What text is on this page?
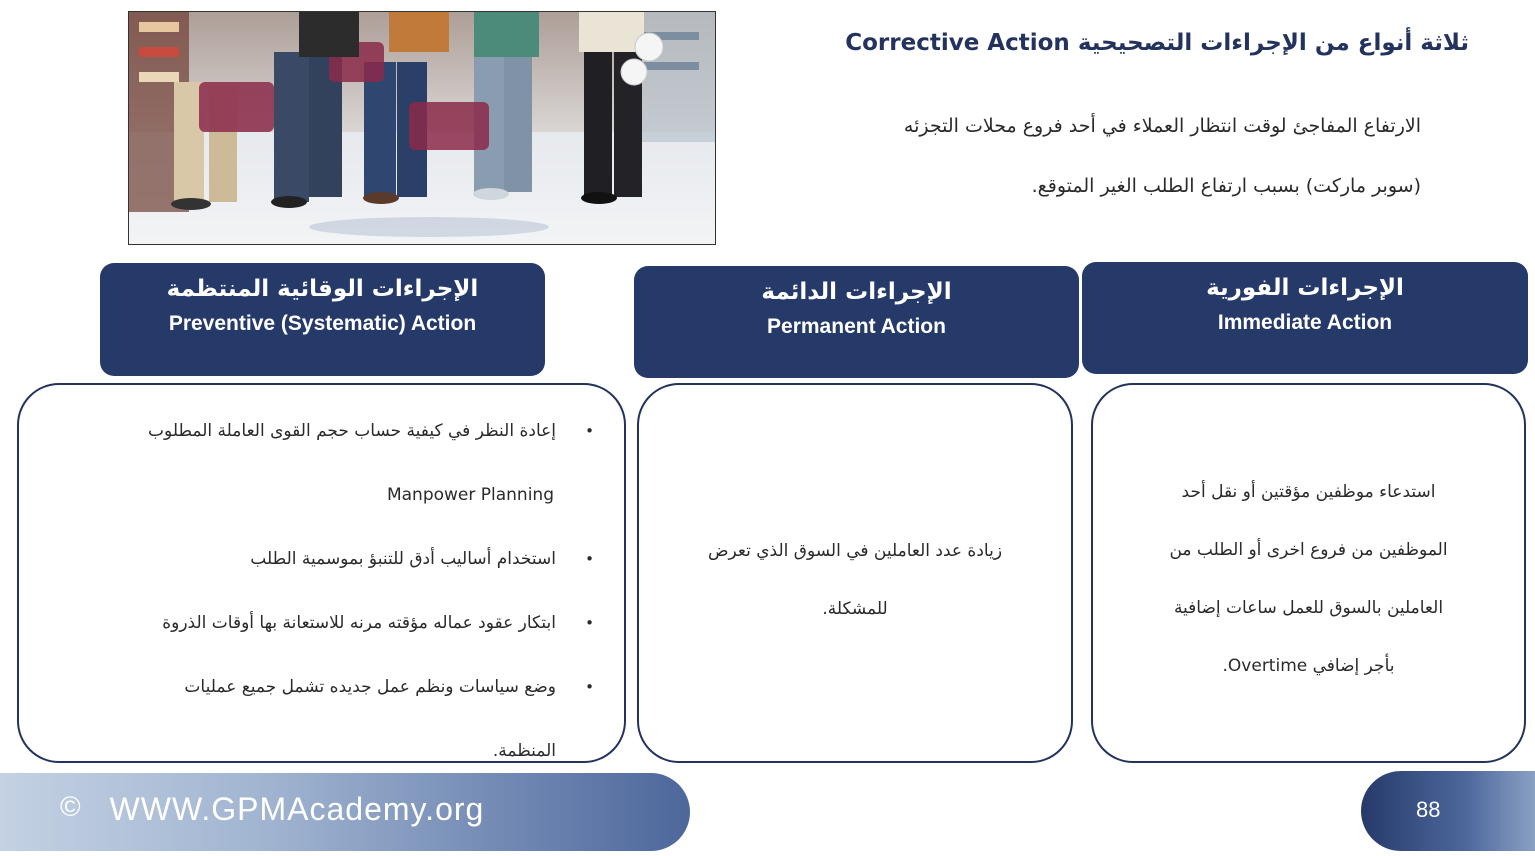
ثلاثة أنواع من الإجراءات التصحيحية Corrective Action
الارتفاع المفاجئ لوقت انتظار العملاء في أحد فروع محلات التجزئه
(سوبر ماركت) بسبب ارتفاع الطلب الغير المتوقع.
الإجراءات الفورية
Immediate Action
الإجراءات الدائمة
Permanent Action
الإجراءات الوقائية المنتظمة
Preventive (Systematic) Action
استدعاء موظفين مؤقتين أو نقل أحد
الموظفين من فروع اخرى أو الطلب من
العاملين بالسوق للعمل ساعات إضافية
بأجر إضافي Overtime.
زيادة عدد العاملين في السوق الذي تعرض
للمشكلة.
•
إعادة النظر في كيفية حساب حجم القوى العاملة المطلوب
Manpower Planning
•
استخدام أساليب أدق للتنبؤ بموسمية الطلب
•
ابتكار عقود عماله مؤقته مرنه للاستعانة بها أوقات الذروة
•
وضع سياسات ونظم عمل جديده تشمل جميع عمليات
المنظمة.
© WWW.GPMAcademy.org	88
